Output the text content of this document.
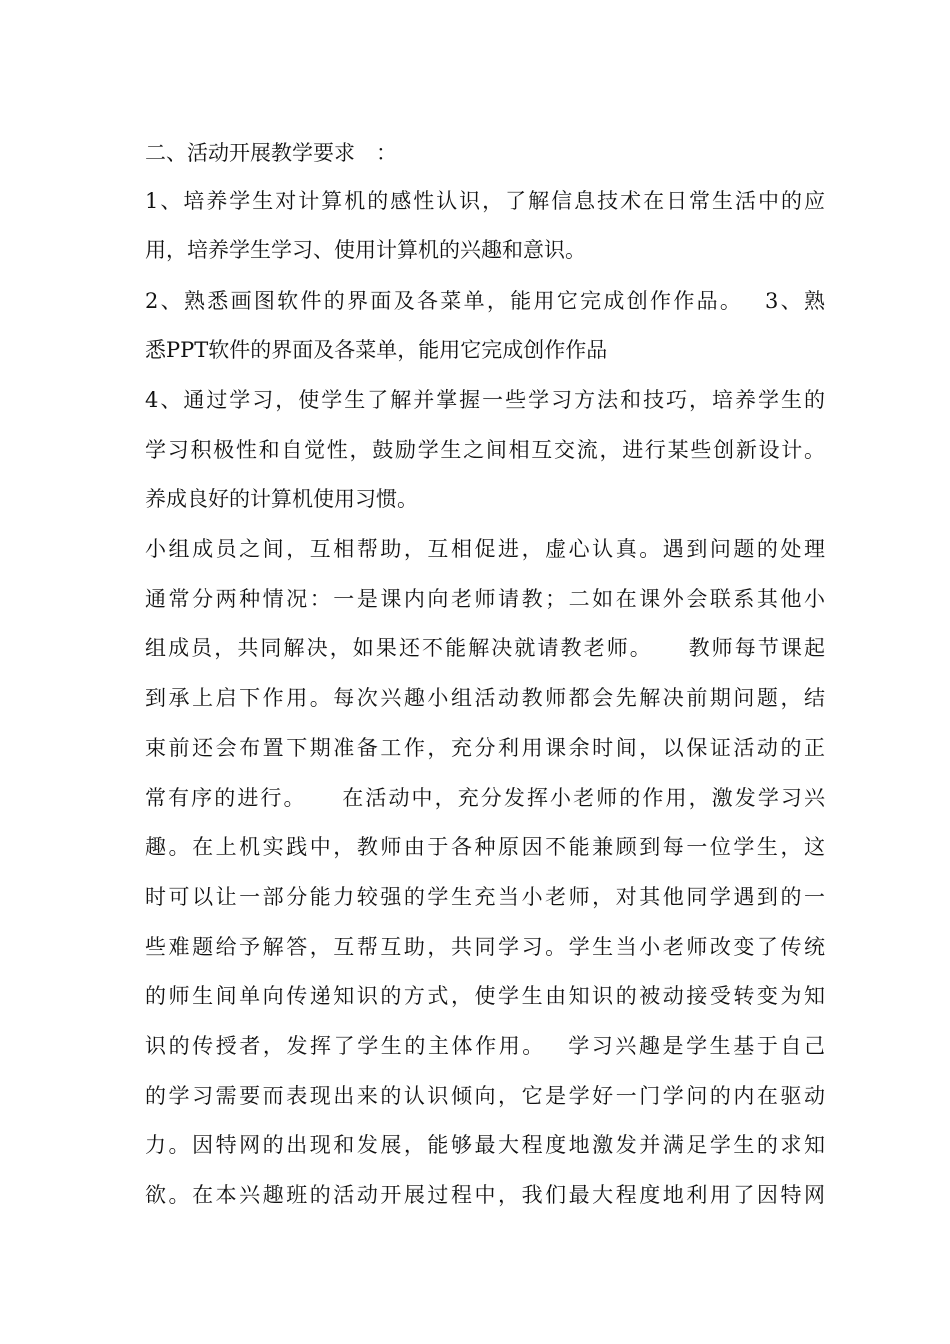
二、活动开展教学要求　：
1、培养学生对计算机的感性认识，了解信息技术在日常生活中的应
用，培养学生学习、使用计算机的兴趣和意识。
2、熟悉画图软件的界面及各菜单，能用它完成创作作品。　 3、熟
悉PPT软件的界面及各菜单，能用它完成创作作品
4、通过学习，使学生了解并掌握一些学习方法和技巧，培养学生的
学习积极性和自觉性，鼓励学生之间相互交流，进行某些创新设计。
养成良好的计算机使用习惯。
小组成员之间，互相帮助，互相促进，虚心认真。遇到问题的处理
通常分两种情况：一是课内向老师请教；二如在课外会联系其他小
组成员，共同解决，如果还不能解决就请教老师。　　教师每节课起
到承上启下作用。每次兴趣小组活动教师都会先解决前期问题，结
束前还会布置下期准备工作，充分利用课余时间，以保证活动的正
常有序的进行。　　在活动中，充分发挥小老师的作用，激发学习兴
趣。在上机实践中，教师由于各种原因不能兼顾到每一位学生，这
时可以让一部分能力较强的学生充当小老师，对其他同学遇到的一
些难题给予解答，互帮互助，共同学习。学生当小老师改变了传统
的师生间单向传递知识的方式，使学生由知识的被动接受转变为知
识的传授者，发挥了学生的主体作用。　 学习兴趣是学生基于自己
的学习需要而表现出来的认识倾向，它是学好一门学问的内在驱动
力。因特网的出现和发展，能够最大程度地激发并满足学生的求知
欲。在本兴趣班的活动开展过程中，我们最大程度地利用了因特网
